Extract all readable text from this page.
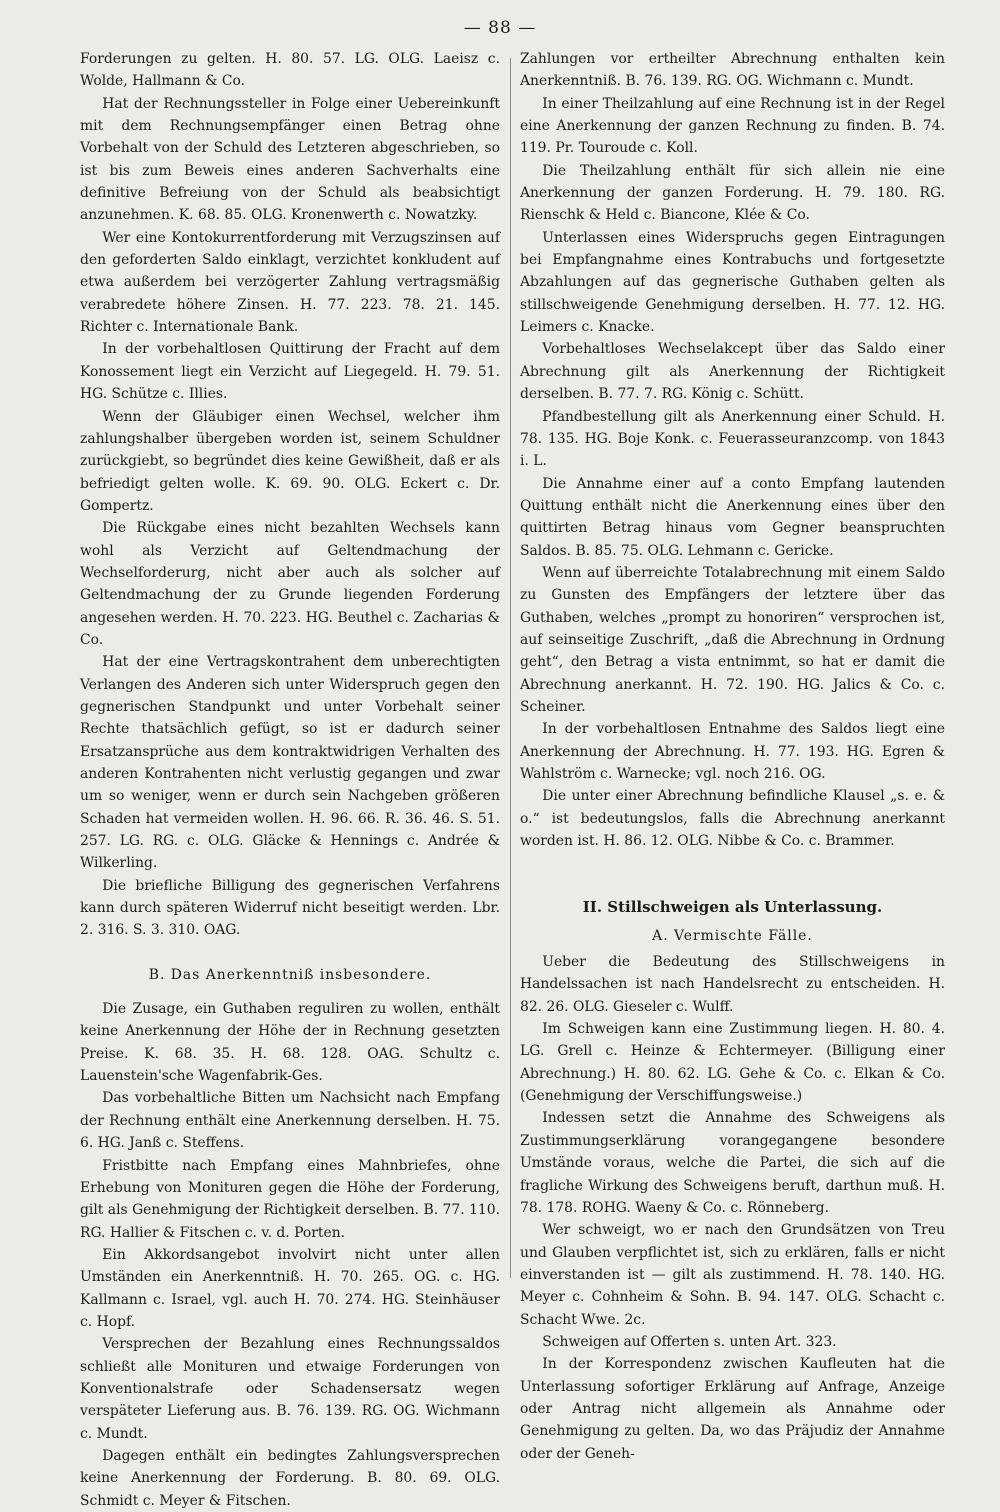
— 88 —

Forderungen zu gelten. H. 80. 57. LG. OLG. Laeisz c. Wolde, Hallmann & Co.

Hat der Rechnungssteller in Folge einer Uebereinkunft mit dem Rechnungsempfänger einen Betrag ohne Vorbehalt von der Schuld des Letzteren abgeschrieben, so ist bis zum Beweis eines anderen Sachverhalts eine definitive Befreiung von der Schuld als beabsichtigt anzunehmen. K. 68. 85. OLG. Kronenwerth c. Nowatzky.

Wer eine Kontokurrentforderung mit Verzugszinsen auf den geforderten Saldo einklagt, verzichtet konkludent auf etwa außerdem bei verzögerter Zahlung vertragsmäßig verabredete höhere Zinsen. H. 77. 223. 78. 21. 145. Richter c. Internationale Bank.

In der vorbehaltlosen Quittirung der Fracht auf dem Konossement liegt ein Verzicht auf Liegegeld. H. 79. 51. HG. Schütze c. Illies.

Wenn der Gläubiger einen Wechsel, welcher ihm zahlungshalber übergeben worden ist, seinem Schuldner zurückgiebt, so begründet dies keine Gewißheit, daß er als befriedigt gelten wolle. K. 69. 90. OLG. Eckert c. Dr. Gompertz.

Die Rückgabe eines nicht bezahlten Wechsels kann wohl als Verzicht auf Geltendmachung der Wechselforderurg, nicht aber auch als solcher auf Geltendmachung der zu Grunde liegenden Forderung angesehen werden. H. 70. 223. HG. Beuthel c. Zacharias & Co.

Hat der eine Vertragskontrahent dem unberechtigten Verlangen des Anderen sich unter Widerspruch gegen den gegnerischen Standpunkt und unter Vorbehalt seiner Rechte thatsächlich gefügt, so ist er dadurch seiner Ersatzansprüche aus dem kontraktwidrigen Verhalten des anderen Kontrahenten nicht verlustig gegangen und zwar um so weniger, wenn er durch sein Nachgeben größeren Schaden hat vermeiden wollen. H. 96. 66. R. 36. 46. S. 51. 257. LG. RG. c. OLG. Gläcke & Hennings c. Andrée & Wilkerling.

Die briefliche Billigung des gegnerischen Verfahrens kann durch späteren Widerruf nicht beseitigt werden. Lbr. 2. 316. S. 3. 310. OAG.

B. Das Anerkenntniß insbesondere.

Die Zusage, ein Guthaben reguliren zu wollen, enthält keine Anerkennung der Höhe der in Rechnung gesetzten Preise. K. 68. 35. H. 68. 128. OAG. Schultz c. Lauenstein'sche Wagenfabrik-Ges.

Das vorbehaltliche Bitten um Nachsicht nach Empfang der Rechnung enthält eine Anerkennung derselben. H. 75. 6. HG. Janß c. Steffens.

Fristbitte nach Empfang eines Mahnbriefes, ohne Erhebung von Monituren gegen die Höhe der Forderung, gilt als Genehmigung der Richtigkeit derselben. B. 77. 110. RG. Hallier & Fitschen c. v. d. Porten.

Ein Akkordsangebot involvirt nicht unter allen Umständen ein Anerkenntniß. H. 70. 265. OG. c. HG. Kallmann c. Israel, vgl. auch H. 70. 274. HG. Steinhäuser c. Hopf.

Versprechen der Bezahlung eines Rechnungssaldos schließt alle Monituren und etwaige Forderungen von Konventionalstrafe oder Schadensersatz wegen verspäteter Lieferung aus. B. 76. 139. RG. OG. Wichmann c. Mundt.

Dagegen enthält ein bedingtes Zahlungsversprechen keine Anerkennung der Forderung. B. 80. 69. OLG. Schmidt c. Meyer & Fitschen.

Zahlungen vor ertheilter Abrechnung enthalten kein Anerkenntniß. B. 76. 139. RG. OG. Wichmann c. Mundt.

In einer Theilzahlung auf eine Rechnung ist in der Regel eine Anerkennung der ganzen Rechnung zu finden. B. 74. 119. Pr. Touroude c. Koll.

Die Theilzahlung enthält für sich allein nie eine Anerkennung der ganzen Forderung. H. 79. 180. RG. Rienschk & Held c. Biancone, Klée & Co.

Unterlassen eines Widerspruchs gegen Eintragungen bei Empfangnahme eines Kontrabuchs und fortgesetzte Abzahlungen auf das gegnerische Guthaben gelten als stillschweigende Genehmigung derselben. H. 77. 12. HG. Leimers c. Knacke.

Vorbehaltloses Wechselakcept über das Saldo einer Abrechnung gilt als Anerkennung der Richtigkeit derselben. B. 77. 7. RG. König c. Schütt.

Pfandbestellung gilt als Anerkennung einer Schuld. H. 78. 135. HG. Boje Konk. c. Feuerasseuranzcomp. von 1843 i. L.

Die Annahme einer auf a conto Empfang lautenden Quittung enthält nicht die Anerkennung eines über den quittirten Betrag hinaus vom Gegner beanspruchten Saldos. B. 85. 75. OLG. Lehmann c. Gericke.

Wenn auf überreichte Totalabrechnung mit einem Saldo zu Gunsten des Empfängers der letztere über das Guthaben, welches „prompt zu honoriren“ versprochen ist, auf seinseitige Zuschrift, „daß die Abrechnung in Ordnung geht“, den Betrag a vista entnimmt, so hat er damit die Abrechnung anerkannt. H. 72. 190. HG. Jalics & Co. c. Scheiner.

In der vorbehaltlosen Entnahme des Saldos liegt eine Anerkennung der Abrechnung. H. 77. 193. HG. Egren & Wahlström c. Warnecke; vgl. noch 216. OG.

Die unter einer Abrechnung befindliche Klausel „s. e. & o.“ ist bedeutungslos, falls die Abrechnung anerkannt worden ist. H. 86. 12. OLG. Nibbe & Co. c. Brammer.

II. Stillschweigen als Unterlassung.
A. Vermischte Fälle.

Ueber die Bedeutung des Stillschweigens in Handelssachen ist nach Handelsrecht zu entscheiden. H. 82. 26. OLG. Gieseler c. Wulff.

Im Schweigen kann eine Zustimmung liegen. H. 80. 4. LG. Grell c. Heinze & Echtermeyer. (Billigung einer Abrechnung.) H. 80. 62. LG. Gehe & Co. c. Elkan & Co. (Genehmigung der Verschiffungsweise.)

Indessen setzt die Annahme des Schweigens als Zustimmungserklärung vorangegangene besondere Umstände voraus, welche die Partei, die sich auf die fragliche Wirkung des Schweigens beruft, darthun muß. H. 78. 178. ROHG. Waeny & Co. c. Rönneberg.

Wer schweigt, wo er nach den Grundsätzen von Treu und Glauben verpflichtet ist, sich zu erklären, falls er nicht einverstanden ist — gilt als zustimmend. H. 78. 140. HG. Meyer c. Cohnheim & Sohn. B. 94. 147. OLG. Schacht c. Schacht Wwe. 2c.

Schweigen auf Offerten s. unten Art. 323.

In der Korrespondenz zwischen Kaufleuten hat die Unterlassung sofortiger Erklärung auf Anfrage, Anzeige oder Antrag nicht allgemein als Annahme oder Genehmigung zu gelten. Da, wo das Präjudiz der Annahme oder der Geneh-
